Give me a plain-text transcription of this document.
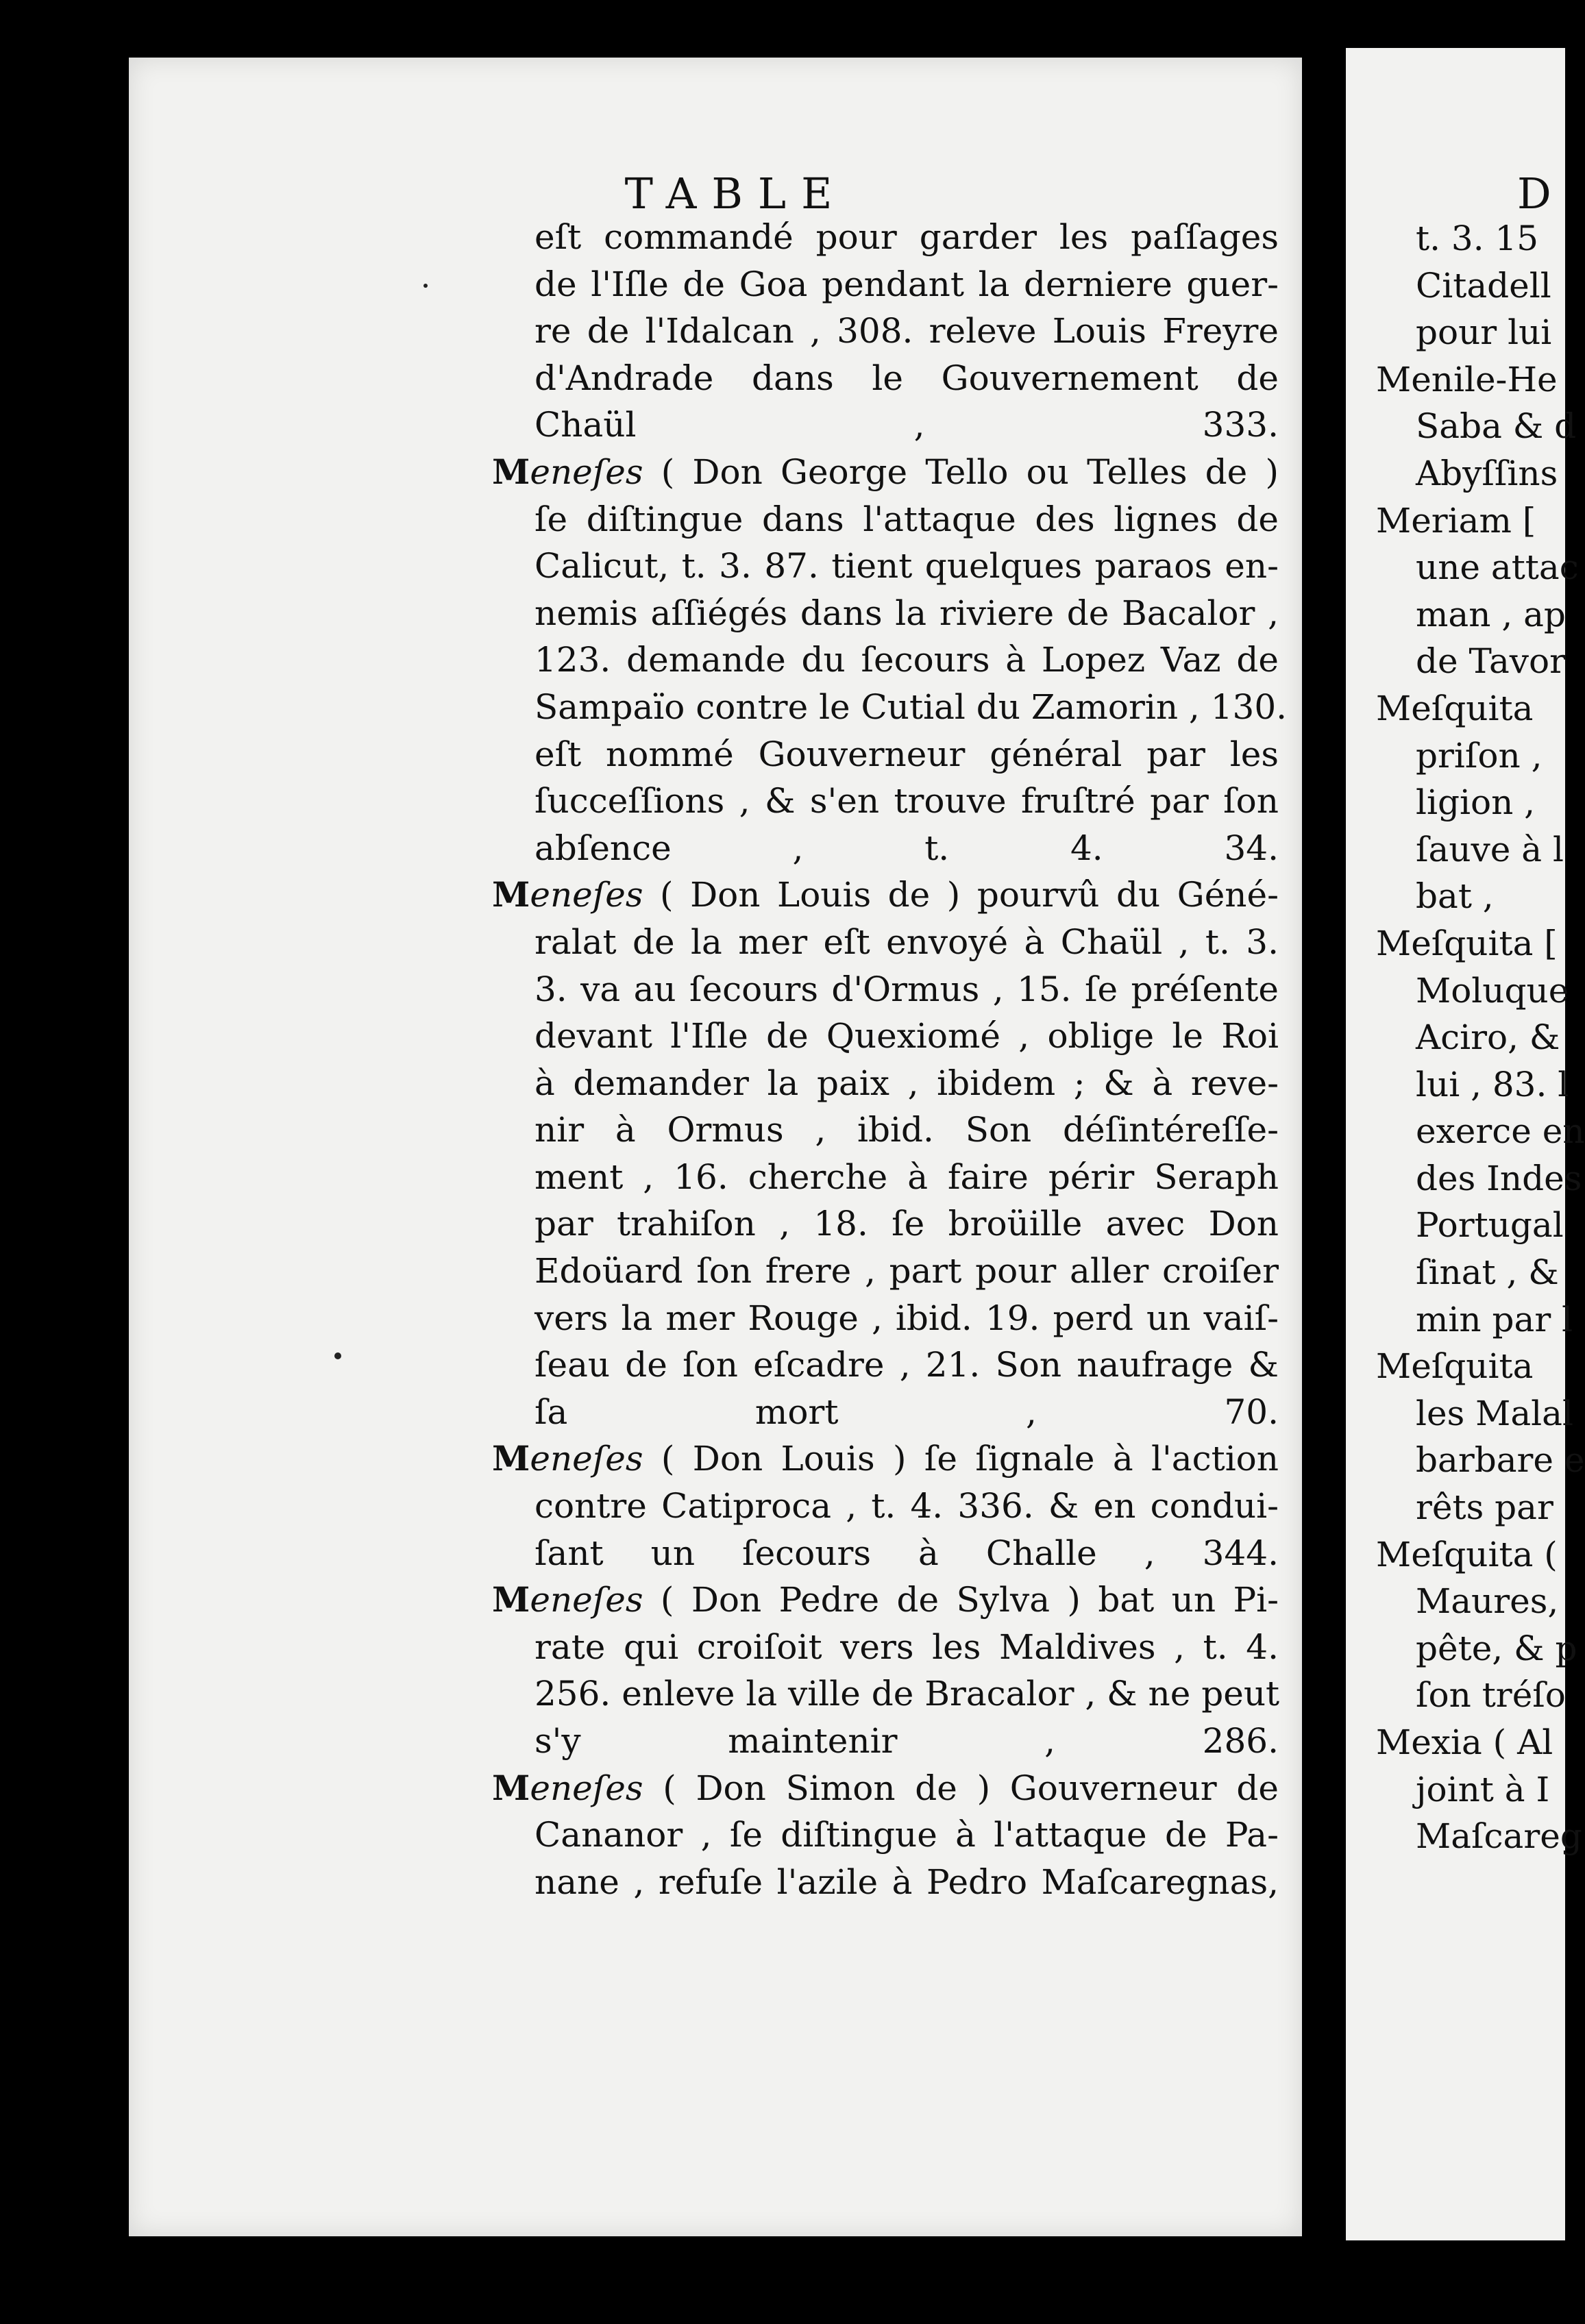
TABLE
eſt commandé pour garder les paſſages
de l'Iſle de Goa pendant la derniere guer-
re de l'Idalcan , 308. releve Louis Freyre
d'Andrade dans le Gouvernement de
Chaül , 333.
Meneſes ( Don George Tello ou Telles de )
ſe diſtingue dans l'attaque des lignes de
Calicut, t. 3. 87. tient quelques paraos en-
nemis aſſiégés dans la riviere de Bacalor ,
123. demande du ſecours à Lopez Vaz de
Sampaïo contre le Cutial du Zamorin , 130.
eſt nommé Gouverneur général par les
ſucceſſions , & s'en trouve fruſtré par ſon
abſence , t. 4. 34.
Meneſes ( Don Louis de ) pourvû du Géné-
ralat de la mer eſt envoyé à Chaül , t. 3.
3. va au ſecours d'Ormus , 15. ſe préſente
devant l'Iſle de Quexiomé , oblige le Roi
à demander la paix , ibidem ; & à reve-
nir à Ormus , ibid. Son déſintéreſſe-
ment , 16. cherche à faire périr Seraph
par trahiſon , 18. ſe broüille avec Don
Edoüard ſon frere , part pour aller croiſer
vers la mer Rouge , ibid. 19. perd un vaiſ-
ſeau de ſon eſcadre , 21. Son naufrage &
ſa mort , 70.
Meneſes ( Don Louis ) ſe ſignale à l'action
contre Catiproca , t. 4. 336. & en condui-
ſant un ſecours à Challe , 344.
Meneſes ( Don Pedre de Sylva ) bat un Pi-
rate qui croiſoit vers les Maldives , t. 4.
256. enleve la ville de Bracalor , & ne peut
s'y maintenir , 286.
Meneſes ( Don Simon de ) Gouverneur de
Cananor , ſe diſtingue à l'attaque de Pa-
nane , refuſe l'azile à Pedro Maſcaregnas,
D
t. 3. 15
Citadell
pour lui
Menile-He
Saba & d
Abyſſins
Meriam [
une attac
man , ap
de Tavor
Meſquita
priſon ,
ligion ,
ſauve à l
bat ,
Meſquita [
Moluque
Aciro, &
lui , 83. l
exerce en
des Indes
Portugal
ſinat , &
min par l
Meſquita
les Malal
barbare e
rêts par
Meſquita (
Maures,
pête, & p
ſon tréſo
Mexia ( Al
joint à I
Maſcareg
